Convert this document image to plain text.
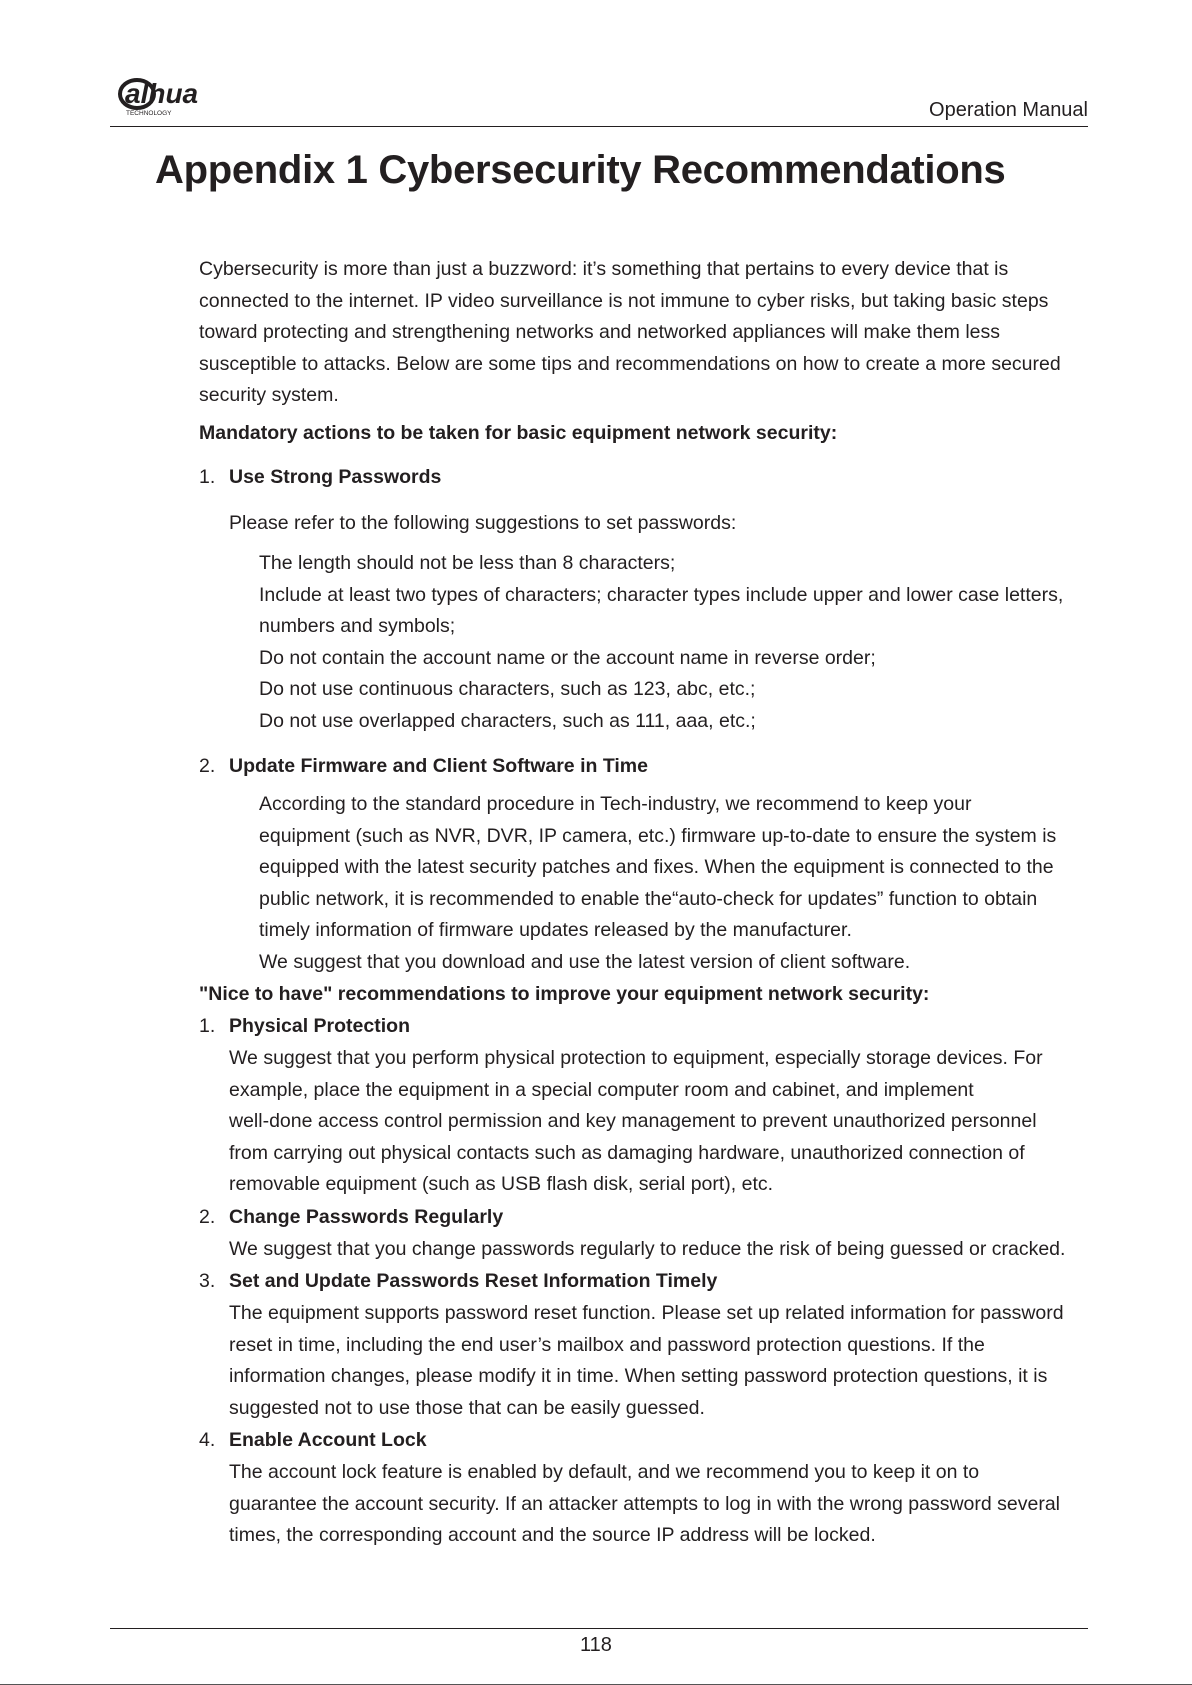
alhua
TECHNOLOGY	Operation Manual
Appendix 1 Cybersecurity Recommendations
Cybersecurity is more than just a buzzword: it’s something that pertains to every device that is
connected to the internet. IP video surveillance is not immune to cyber risks, but taking basic steps
toward protecting and strengthening networks and networked appliances will make them less
susceptible to attacks. Below are some tips and recommendations on how to create a more secured
security system.
Mandatory actions to be taken for basic equipment network security:
1. Use Strong Passwords
Please refer to the following suggestions to set passwords:
The length should not be less than 8 characters;
Include at least two types of characters; character types include upper and lower case letters,
numbers and symbols;
Do not contain the account name or the account name in reverse order;
Do not use continuous characters, such as 123, abc, etc.;
Do not use overlapped characters, such as 111, aaa, etc.;
2. Update Firmware and Client Software in Time
According to the standard procedure in Tech-industry, we recommend to keep your
equipment (such as NVR, DVR, IP camera, etc.) firmware up-to-date to ensure the system is
equipped with the latest security patches and fixes. When the equipment is connected to the
public network, it is recommended to enable the“auto-check for updates” function to obtain
timely information of firmware updates released by the manufacturer.
We suggest that you download and use the latest version of client software.
"Nice to have" recommendations to improve your equipment network security:
1. Physical Protection
We suggest that you perform physical protection to equipment, especially storage devices. For
example, place the equipment in a special computer room and cabinet, and implement
well-done access control permission and key management to prevent unauthorized personnel
from carrying out physical contacts such as damaging hardware, unauthorized connection of
removable equipment (such as USB flash disk, serial port), etc.
2. Change Passwords Regularly
We suggest that you change passwords regularly to reduce the risk of being guessed or cracked.
3. Set and Update Passwords Reset Information Timely
The equipment supports password reset function. Please set up related information for password
reset in time, including the end user’s mailbox and password protection questions. If the
information changes, please modify it in time. When setting password protection questions, it is
suggested not to use those that can be easily guessed.
4. Enable Account Lock
The account lock feature is enabled by default, and we recommend you to keep it on to
guarantee the account security. If an attacker attempts to log in with the wrong password several
times, the corresponding account and the source IP address will be locked.
118
